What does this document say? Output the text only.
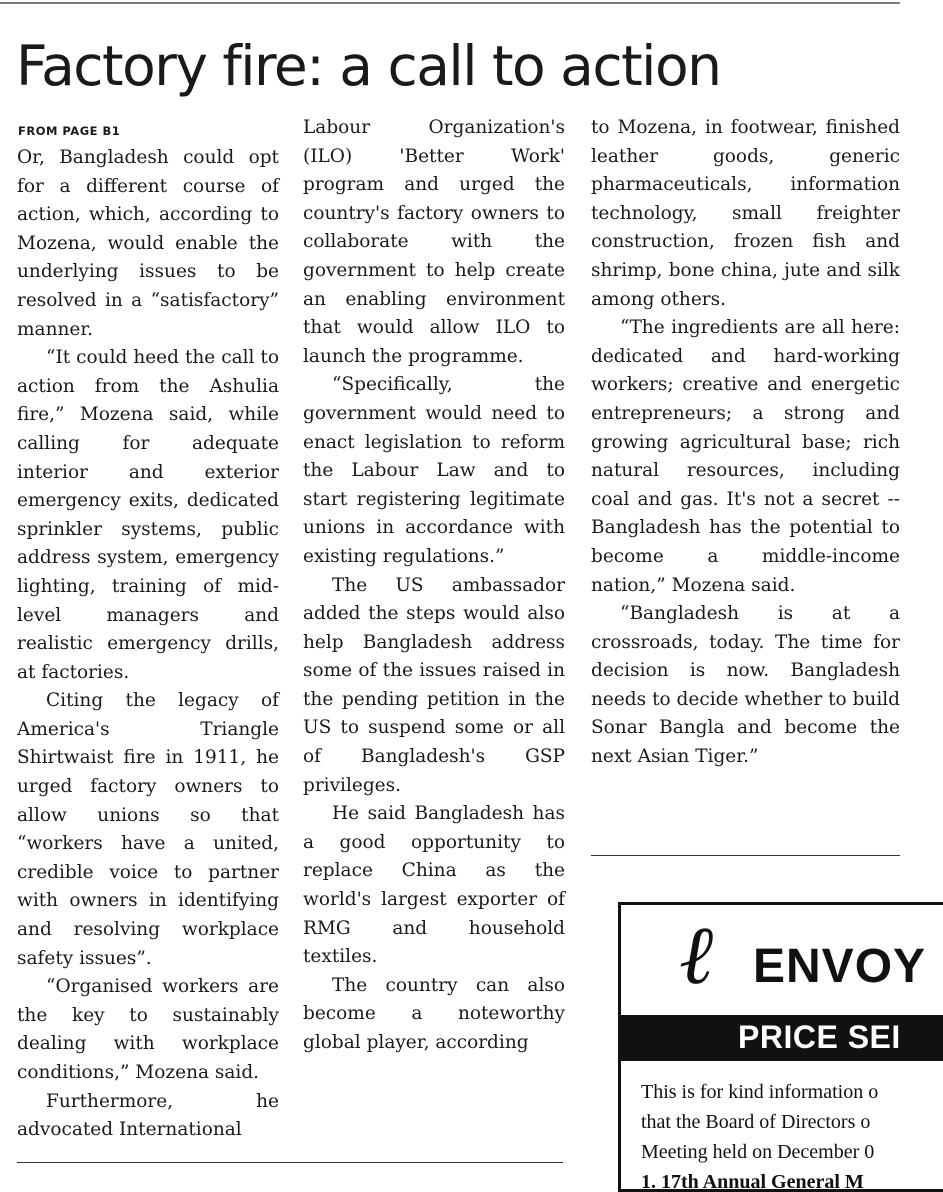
Factory fire: a call to action
FROM PAGE B1

Or, Bangladesh could opt for a different course of action, which, according to Mozena, would enable the underlying issues to be resolved in a “satisfactory” manner.

“It could heed the call to action from the Ashulia fire,” Mozena said, while calling for adequate interior and exterior emergency exits, dedicated sprinkler systems, public address system, emergency lighting, training of mid-level managers and realistic emergency drills, at factories.

Citing the legacy of America's Triangle Shirtwaist fire in 1911, he urged factory owners to allow unions so that “workers have a united, credible voice to partner with owners in identifying and resolving workplace safety issues”.

“Organised workers are the key to sustainably dealing with workplace conditions,” Mozena said.

Furthermore, he advocated International

Labour Organization's (ILO) 'Better Work' program and urged the country's factory owners to collaborate with the government to help create an enabling environment that would allow ILO to launch the programme.

“Specifically, the government would need to enact legislation to reform the Labour Law and to start registering legitimate unions in accordance with existing regulations.”

The US ambassador added the steps would also help Bangladesh address some of the issues raised in the pending petition in the US to suspend some or all of Bangladesh's GSP privileges.

He said Bangladesh has a good opportunity to replace China as the world's largest exporter of RMG and household textiles.

The country can also become a noteworthy global player, according

to Mozena, in footwear, finished leather goods, generic pharmaceuticals, information technology, small freighter construction, frozen fish and shrimp, bone china, jute and silk among others.

“The ingredients are all here: dedicated and hard-working workers; creative and energetic entrepreneurs; a strong and growing agricultural base; rich natural resources, including coal and gas. It's not a secret -- Bangladesh has the potential to become a middle-income nation,” Mozena said.

“Bangladesh is at a crossroads, today. The time for decision is now. Bangladesh needs to decide whether to build Sonar Bangla and become the next Asian Tiger.”

ℓ ENVOY
PRICE SEI
This is for kind information o
that the Board of Directors o
Meeting held on December 0
1. 17th Annual General M
